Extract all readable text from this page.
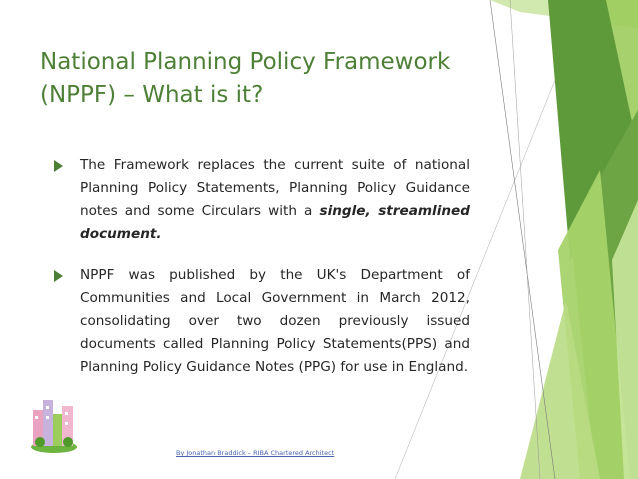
National Planning Policy Framework
(NPPF) – What is it?
The Framework replaces the current suite of national Planning Policy Statements, Planning Policy Guidance notes and some Circulars with a single, streamlined document.
NPPF was published by the UK's Department of Communities and Local Government in March 2012, consolidating over two dozen previously issued documents called Planning Policy Statements(PPS) and Planning Policy Guidance Notes (PPG) for use in England.
By Jonathan Braddick – RIBA Chartered Architect
